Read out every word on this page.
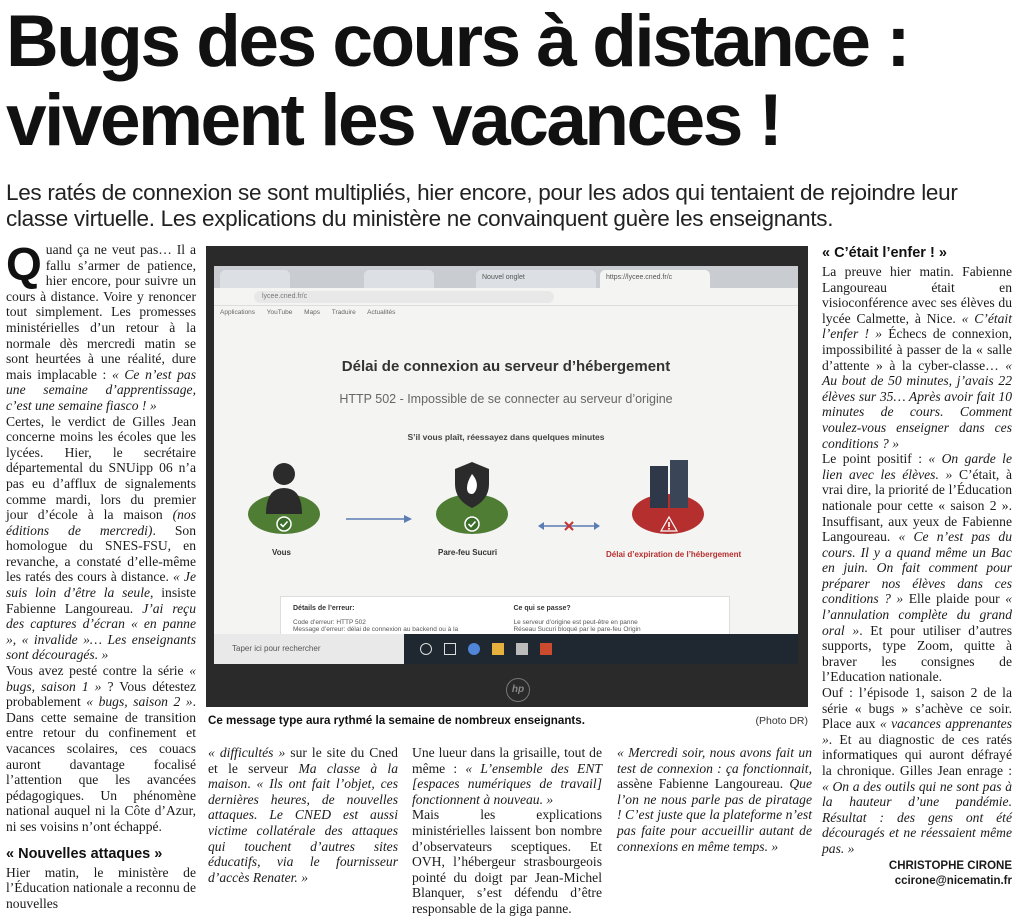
Bugs des cours à distance :
vivement les vacances !

Les ratés de connexion se sont multipliés, hier encore, pour les ados qui tentaient de rejoindre leur classe virtuelle. Les explications du ministère ne convainquent guère les enseignants.

Quand ça ne veut pas… Il a fallu s’armer de patience, hier encore, pour suivre un cours à distance. Voire y renoncer tout simplement. Les promesses ministérielles d’un retour à la normale dès mercredi matin se sont heurtées à une réalité, dure mais implacable : « Ce n’est pas une semaine d’apprentissage, c’est une semaine fiasco ! »

Certes, le verdict de Gilles Jean concerne moins les écoles que les lycées. Hier, le secrétaire départemental du SNUipp 06 n’a pas eu d’afflux de signalements comme mardi, lors du premier jour d’école à la maison (nos éditions de mercredi). Son homologue du SNES-FSU, en revanche, a constaté d’elle-même les ratés des cours à distance. « Je suis loin d’être la seule, insiste Fabienne Langoureau. J’ai reçu des captures d’écran « en panne », « invalide »… Les enseignants sont découragés. »

Vous avez pesté contre la série « bugs, saison 1 » ? Vous détestez probablement « bugs, saison 2 ». Dans cette semaine de transition entre retour du confinement et vacances scolaires, ces couacs auront davantage focalisé l’attention que les avancées pédagogiques. Un phénomène national auquel ni la Côte d’Azur, ni ses voisins n’ont échappé.

« Nouvelles attaques »

Hier matin, le ministère de l’Éducation nationale a reconnu de nouvelles

« difficultés » sur le site du Cned et le serveur Ma classe à la maison. « Ils ont fait l’objet, ces dernières heures, de nouvelles attaques. Le CNED est aussi victime collatérale des attaques qui touchent d’autres sites éducatifs, via le fournisseur d’accès Renater. »

Une lueur dans la grisaille, tout de même : « L’ensemble des ENT [espaces numériques de travail] fonctionnent à nouveau. »

Mais les explications ministérielles laissent bon nombre d’observateurs sceptiques. Et OVH, l’hébergeur strasbourgeois pointé du doigt par Jean-Michel Blanquer, s’est défendu d’être responsable de la giga panne.

« Mercredi soir, nous avons fait un test de connexion : ça fonctionnait, assène Fabienne Langoureau. Que l’on ne nous parle pas de piratage ! C’est juste que la plateforme n’est pas faite pour accueillir autant de connexions en même temps. »

« C’était l’enfer ! »

La preuve hier matin. Fabienne Langoureau était en visioconférence avec ses élèves du lycée Calmette, à Nice. « C’était l’enfer ! » Échecs de connexion, impossibilité à passer de la « salle d’attente » à la cyber-classe… « Au bout de 50 minutes, j’avais 22 élèves sur 35… Après avoir fait 10 minutes de cours. Comment voulez-vous enseigner dans ces conditions ? »

Le point positif : « On garde le lien avec les élèves. » C’était, à vrai dire, la priorité de l’Éducation nationale pour cette « saison 2 ». Insuffisant, aux yeux de Fabienne Langoureau. « Ce n’est pas du cours. Il y a quand même un Bac en juin. On fait comment pour préparer nos élèves dans ces conditions ? » Elle plaide pour « l’annulation complète du grand oral ». Et pour utiliser d’autres supports, type Zoom, quitte à braver les consignes de l’Education nationale.

Ouf : l’épisode 1, saison 2 de la série « bugs » s’achève ce soir. Place aux « vacances apprenantes ». Et au diagnostic de ces ratés informatiques qui auront défrayé la chronique. Gilles Jean enrage : « On a des outils qui ne sont pas à la hauteur d’une pandémie. Résultat : des gens ont été découragés et ne réessaient même pas. »

CHRISTOPHE CIRONE
ccirone@nicematin.fr
Nouvel onglet	https://lycee.cned.fr/c
lycee.cned.fr/c
Applications YouTube Maps Traduire Actualités
Délai de connexion au serveur d’hébergement
HTTP 502 - Impossible de se connecter au serveur d’origine
S’il vous plaît, réessayez dans quelques minutes
Vous	Pare-feu Sucuri	Délai d’expiration de l’hébergement
Détails de l’erreur:

Code d’erreur: HTTP 502
Message d’erreur: délai de connexion au backend ou à la
Ce qui se passe?

Le serveur d’origine est peut-être en panne
Réseau Sucuri bloqué par le pare-feu Origin
Taper ici pour rechercher
hp
Ce message type aura rythmé la semaine de nombreux enseignants.	(Photo DR)
